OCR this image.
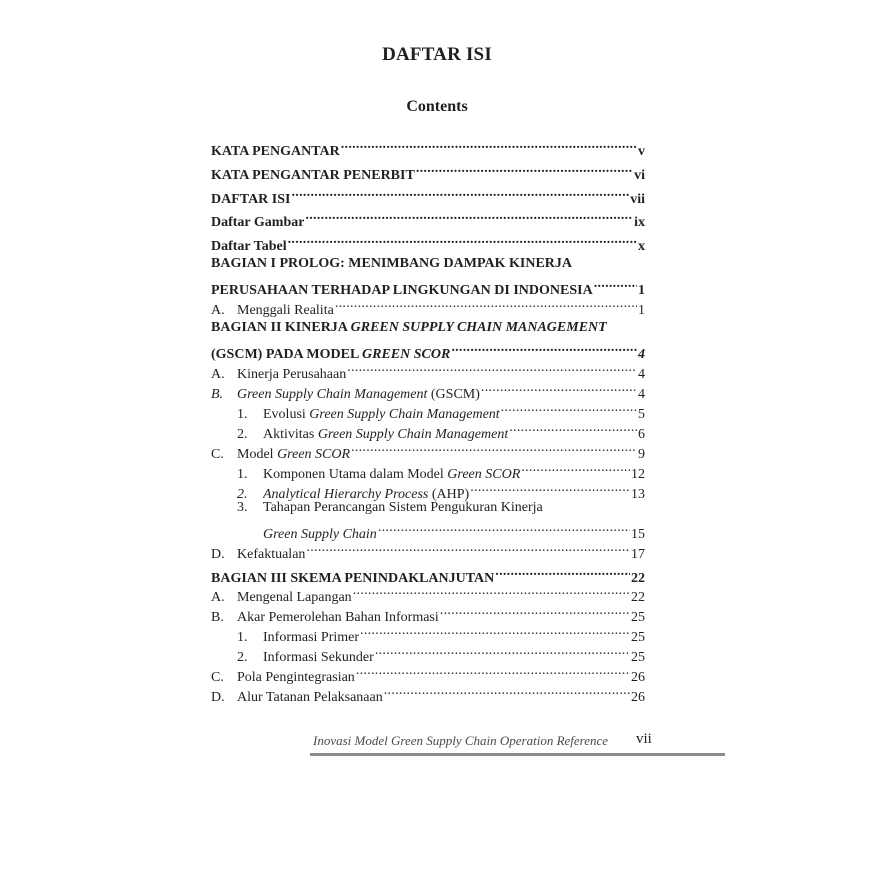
DAFTAR ISI
Contents
KATA PENGANTAR .....	v
KATA PENGANTAR PENERBIT .....	vi
DAFTAR ISI .....	vii
Daftar Gambar .....	ix
Daftar Tabel .....	x
BAGIAN I PROLOG: MENIMBANG DAMPAK KINERJA
PERUSAHAAN TERHADAP LINGKUNGAN DI INDONESIA .....	1
A. Menggali Realita .....	1
BAGIAN II KINERJA GREEN SUPPLY CHAIN MANAGEMENT
(GSCM) PADA MODEL GREEN SCOR .....	4
A. Kinerja Perusahaan .....	4
B. Green Supply Chain Management (GSCM) .....	4
1.	Evolusi Green Supply Chain Management .....	5
2.	Aktivitas Green Supply Chain Management .....	6
C. Model Green SCOR .....	9
1.	Komponen Utama dalam Model Green SCOR .....	12
2.	Analytical Hierarchy Process (AHP) .....	13
3.	Tahapan Perancangan Sistem Pengukuran Kinerja
Green Supply Chain .....	15
D. Kefaktualan .....	17
BAGIAN III SKEMA PENINDAKLANJUTAN .....	22
A. Mengenal Lapangan .....	22
B. Akar Pemerolehan Bahan Informasi .....	25
1.	Informasi Primer .....	25
2.	Informasi Sekunder .....	25
C. Pola Pengintegrasian .....	26
D. Alur Tatanan Pelaksanaan .....	26
Inovasi Model Green Supply Chain Operation Reference vii
